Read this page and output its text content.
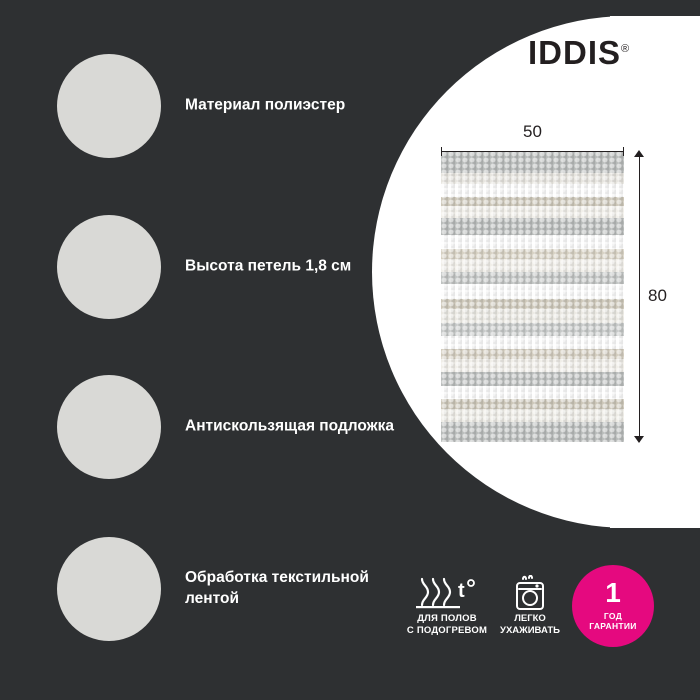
IDDIS®
50
80
Материал полиэстер
Высота петель 1,8 см
Антискользящая подложка
Обработка текстильной лентой	t
ДЛЯ ПОЛОВ
С ПОДОГРЕВОМ
ЛЕГКО
УХАЖИВАТЬ
1
ГОД
ГАРАНТИИ
